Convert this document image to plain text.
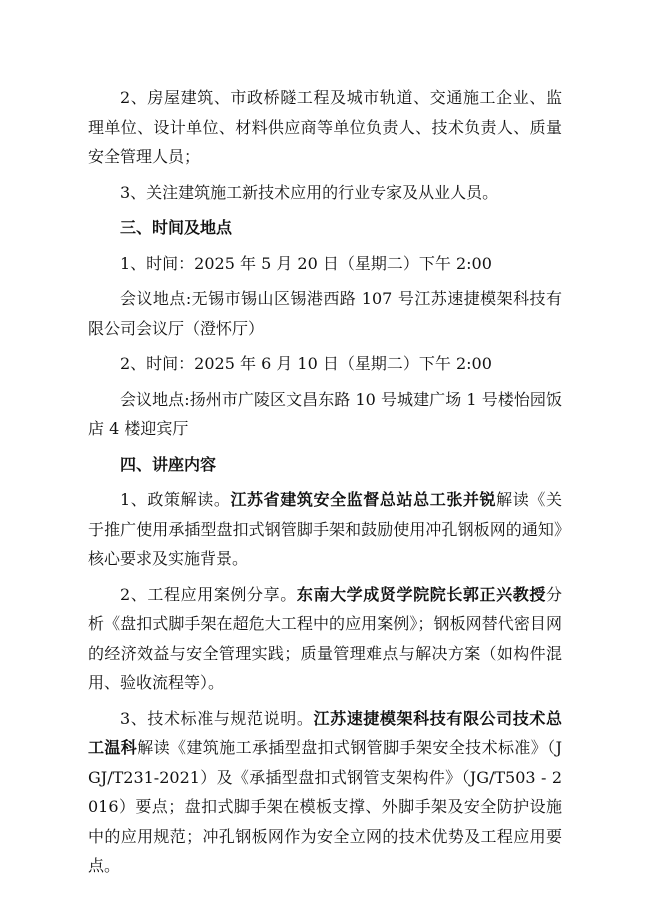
2、房屋建筑、市政桥隧工程及城市轨道、交通施工企业、监理单位、设计单位、材料供应商等单位负责人、技术负责人、质量安全管理人员；

3、关注建筑施工新技术应用的行业专家及从业人员。

三、时间及地点

1、时间：2025 年 5 月 20 日（星期二）下午 2:00

会议地点:无锡市锡山区锡港西路 107 号江苏速捷模架科技有限公司会议厅（澄怀厅）

2、时间：2025 年 6 月 10 日（星期二）下午 2:00

会议地点:扬州市广陵区文昌东路 10 号城建广场 1 号楼怡园饭店 4 楼迎宾厅

四、讲座内容

1、政策解读。江苏省建筑安全监督总站总工张并锐解读《关于推广使用承插型盘扣式钢管脚手架和鼓励使用冲孔钢板网的通知》核心要求及实施背景。

2、工程应用案例分享。东南大学成贤学院院长郭正兴教授分析《盘扣式脚手架在超危大工程中的应用案例》；钢板网替代密目网的经济效益与安全管理实践；质量管理难点与解决方案（如构件混用、验收流程等）。

3、技术标准与规范说明。江苏速捷模架科技有限公司技术总工温科解读《建筑施工承插型盘扣式钢管脚手架安全技术标准》（JGJ/T231-2021）及《承插型盘扣式钢管支架构件》（JG/T503 - 2016）要点；盘扣式脚手架在模板支撑、外脚手架及安全防护设施中的应用规范；冲孔钢板网作为安全立网的技术优势及工程应用要点。
